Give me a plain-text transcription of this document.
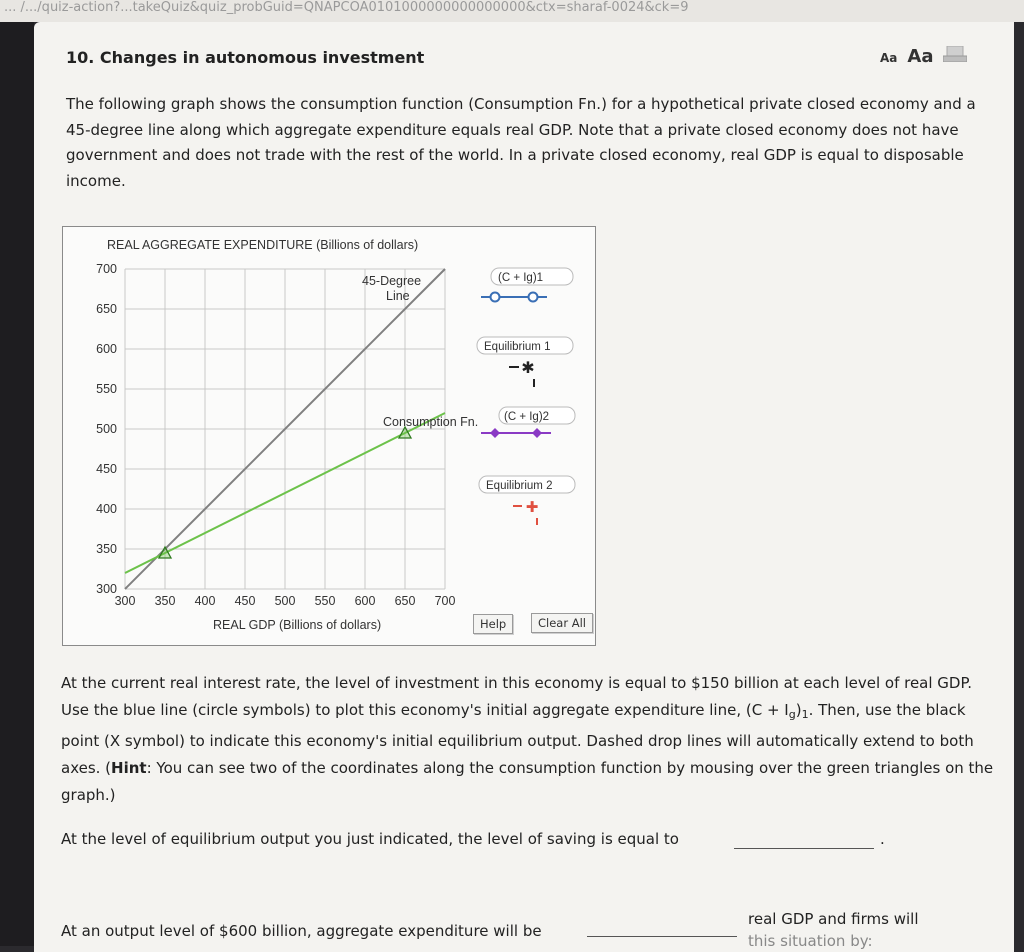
... /.../quiz-action?...takeQuiz&quiz_probGuid=QNAPCOA0101000000000000000&ctx=sharaf-0024&ck=9
10. Changes in autonomous investment	Aa Aa
The following graph shows the consumption function (Consumption Fn.) for a hypothetical private closed economy and a 45-degree line along which aggregate expenditure equals real GDP. Note that a private closed economy does not have government and does not trade with the rest of the world. In a private closed economy, real GDP is equal to disposable income.
REAL AGGREGATE EXPENDITURE (Billions of dollars)
300
350
400
450
500
550
600
650
700
300 350 400 450 500 550 600 650 700
45-Degree
Line
Consumption Fn.
REAL GDP (Billions of dollars)
(C + Ig)1
Equilibrium 1
✱
(C + Ig)2
Equilibrium 2
✚
Help	Clear All
At the current real interest rate, the level of investment in this economy is equal to $150 billion at each level of real GDP. Use the blue line (circle symbols) to plot this economy's initial aggregate expenditure line, $(C + I_g)_1$. Then, use the black point (X symbol) to indicate this economy's initial equilibrium output. Dashed drop lines will automatically extend to both axes. (Hint: You can see two of the coordinates along the consumption function by mousing over the green triangles on the graph.)
At the level of equilibrium output you just indicated, the level of saving is equal to	.
At an output level of $600 billion, aggregate expenditure will be
real GDP and firms will
this situation by:
